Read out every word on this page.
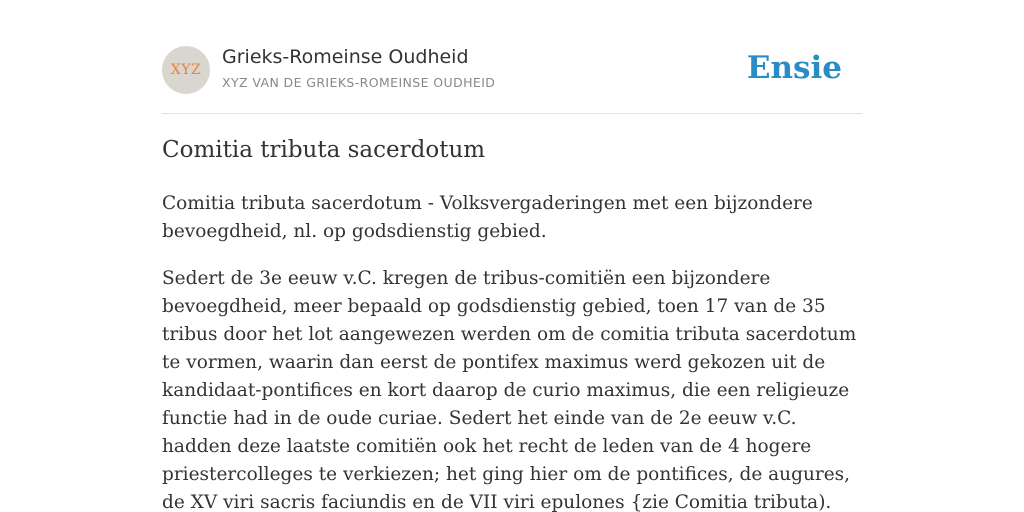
XYZ
Grieks-Romeinse Oudheid
XYZ VAN DE GRIEKS-ROMEINSE OUDHEID	Ensie
Comitia tributa sacerdotum

Comitia tributa sacerdotum - Volksvergaderingen met een bijzondere bevoegdheid, nl. op godsdienstig gebied.

Sedert de 3e eeuw v.C. kregen de tribus-comitiën een bijzondere bevoegdheid, meer bepaald op godsdienstig gebied, toen 17 van de 35 tribus door het lot aangewezen werden om de comitia tributa sacerdotum te vormen, waarin dan eerst de pontifex maximus werd gekozen uit de kandidaat-pontifices en kort daarop de curio maximus, die een religieuze functie had in de oude curiae. Sedert het einde van de 2e eeuw v.C. hadden deze laatste comitiën ook het recht de leden van de 4 hogere priestercolleges te verkiezen; het ging hier om de pontifices, de augures, de XV viri sacris faciundis en de VII viri epulones {zie Comitia tributa).
